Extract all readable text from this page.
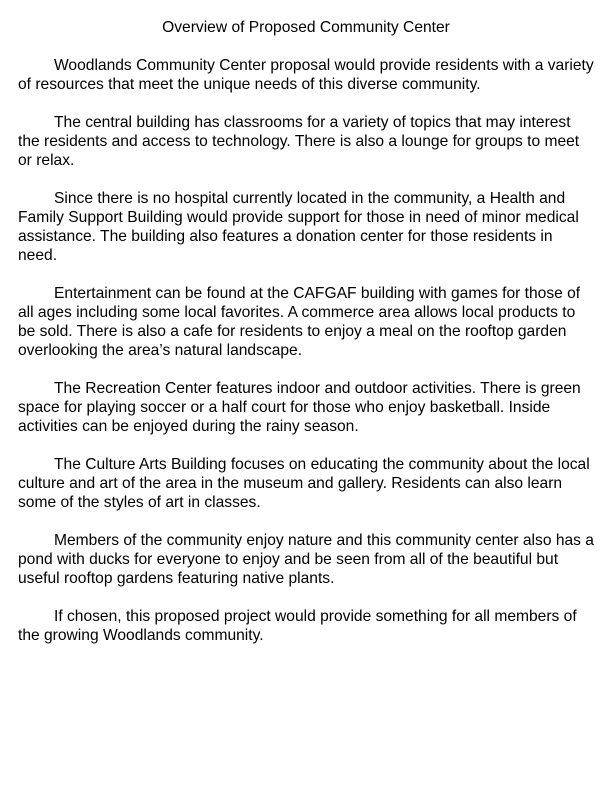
Overview of Proposed Community Center

Woodlands Community Center proposal would provide residents with a variety of resources that meet the unique needs of this diverse community.

The central building has classrooms for a variety of topics that may interest the residents and access to technology. There is also a lounge for groups to meet or relax.

Since there is no hospital currently located in the community, a Health and Family Support Building would provide support for those in need of minor medical assistance. The building also features a donation center for those residents in need.

Entertainment can be found at the CAFGAF building with games for those of all ages including some local favorites. A commerce area allows local products to be sold. There is also a cafe for residents to enjoy a meal on the rooftop garden overlooking the area’s natural landscape.

The Recreation Center features indoor and outdoor activities. There is green space for playing soccer or a half court for those who enjoy basketball. Inside activities can be enjoyed during the rainy season.

The Culture Arts Building focuses on educating the community about the local culture and art of the area in the museum and gallery. Residents can also learn some of the styles of art in classes.

Members of the community enjoy nature and this community center also has a pond with ducks for everyone to enjoy and be seen from all of the beautiful but useful rooftop gardens featuring native plants.

If chosen, this proposed project would provide something for all members of the growing Woodlands community.
